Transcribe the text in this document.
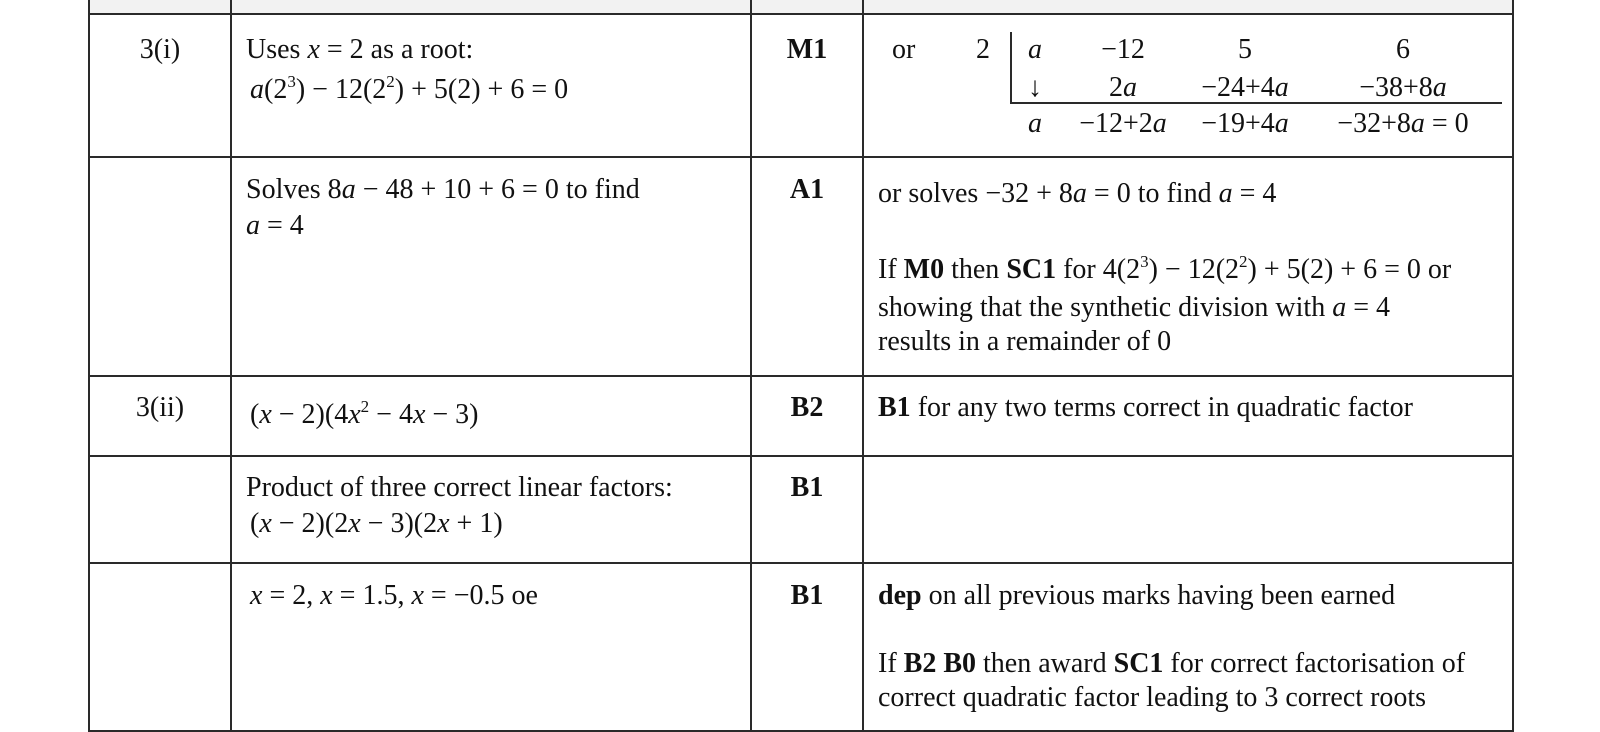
3(i)	Uses x = 2 as a root:
$a(2^3) - 12(2^2) + 5(2) + 6 = 0$
M1	or 2	a	−12	5	6
↓	2a	−24+4a	−38+8a
a	−12+2a	−19+4a	−32+8a = 0
Solves 8a − 48 + 10 + 6 = 0 to find
a = 4
A1	or solves −32 + 8a = 0 to find a = 4
If M0 then SC1 for $4(2^3) - 12(2^2) + 5(2) + 6 = 0$ or
showing that the synthetic division with a = 4
results in a remainder of 0
3(ii)	$(x - 2)(4x^2 - 4x - 3)$	B2	B1 for any two terms correct in quadratic factor
Product of three correct linear factors:
(x − 2)(2x − 3)(2x + 1)
B1
x = 2, x = 1.5, x = −0.5 oe	B1	dep on all previous marks having been earned
If B2 B0 then award SC1 for correct factorisation of
correct quadratic factor leading to 3 correct roots
